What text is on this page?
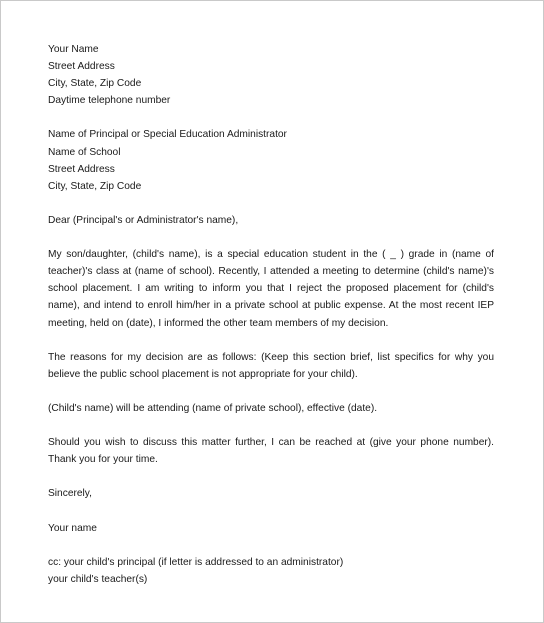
Your Name
Street Address
City, State, Zip Code
Daytime telephone number
Name of Principal or Special Education Administrator
Name of School
Street Address
City, State, Zip Code

Dear (Principal's or Administrator's name),

My son/daughter, (child's name), is a special education student in the ( _ ) grade in (name of teacher)'s class at (name of school). Recently, I attended a meeting to determine (child's name)'s school placement. I am writing to inform you that I reject the proposed placement for (child's name), and intend to enroll him/her in a private school at public expense. At the most recent IEP meeting, held on (date), I informed the other team members of my decision.

The reasons for my decision are as follows: (Keep this section brief, list specifics for why you believe the public school placement is not appropriate for your child).

(Child's name) will be attending (name of private school), effective (date).

Should you wish to discuss this matter further, I can be reached at (give your phone number). Thank you for your time.

Sincerely,

Your name

cc: your child's principal (if letter is addressed to an administrator)
your child's teacher(s)
